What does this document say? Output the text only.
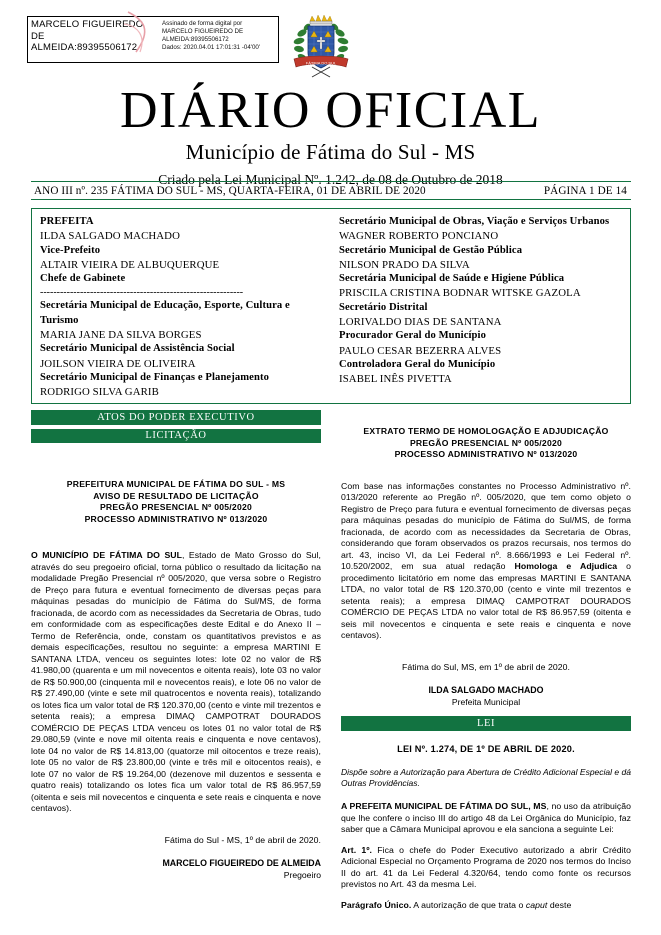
MARCELO FIGUEIREDO
DE
ALMEIDA:89395506172
Assinado de forma digital por
MARCELO FIGUEIREDO DE
ALMEIDA:89395506172
Dados: 2020.04.01 17:01:31 -04'00'
FÁTIMA DO SUL
DIÁRIO OFICIAL
Município de Fátima do Sul - MS
Criado pela Lei Municipal Nº. 1.242, de 08 de Outubro de 2018
ANO III nº. 235 FÁTIMA DO SUL - MS, QUARTA-FEIRA, 01 DE ABRIL DE 2020	PÁGINA 1 DE 14
PREFEITA
ILDA SALGADO MACHADO
Vice-Prefeito
ALTAIR VIEIRA DE ALBUQUERQUE
Chefe de Gabinete
-------------------------------------------------------------
Secretária Municipal de Educação, Esporte, Cultura e Turismo
MARIA JANE DA SILVA BORGES
Secretário Municipal de Assistência Social
JOILSON VIEIRA DE OLIVEIRA
Secretário Municipal de Finanças e Planejamento
RODRIGO SILVA GARIB
Secretário Municipal de Obras, Viação e Serviços Urbanos
WAGNER ROBERTO PONCIANO
Secretário Municipal de Gestão Pública
NILSON PRADO DA SILVA
Secretária Municipal de Saúde e Higiene Pública
PRISCILA CRISTINA BODNAR WITSKE GAZOLA
Secretário Distrital
LORIVALDO DIAS DE SANTANA
Procurador Geral do Município
PAULO CESAR BEZERRA ALVES
Controladora Geral do Município
ISABEL INÊS PIVETTA
ATOS DO PODER EXECUTIVO
LICITAÇÃO
PREFEITURA MUNICIPAL DE FÁTIMA DO SUL - MS
AVISO DE RESULTADO DE LICITAÇÃO
PREGÃO PRESENCIAL Nº 005/2020
PROCESSO ADMINISTRATIVO Nº 013/2020
O MUNICÍPIO DE FÁTIMA DO SUL, Estado de Mato Grosso do Sul, através do seu pregoeiro oficial, torna público o resultado da licitação na modalidade Pregão Presencial nº 005/2020, que versa sobre o Registro de Preço para futura e eventual fornecimento de diversas peças para máquinas pesadas do município de Fátima do Sul/MS, de forma fracionada, de acordo com as necessidades da Secretaria de Obras, tudo em conformidade com as especificações deste Edital e do Anexo II – Termo de Referência, onde, constam os quantitativos previstos e as demais especificações, resultou no seguinte: a empresa MARTINI E SANTANA LTDA, venceu os seguintes lotes: lote 02 no valor de R$ 41.980,00 (quarenta e um mil novecentos e oitenta reais), lote 03 no valor de R$ 50.900,00 (cinquenta mil e novecentos reais), e lote 06 no valor de R$ 27.490,00 (vinte e sete mil quatrocentos e noventa reais), totalizando os lotes fica um valor total de R$ 120.370,00 (cento e vinte mil trezentos e setenta reais); a empresa DIMAQ CAMPOTRAT DOURADOS COMÉRCIO DE PEÇAS LTDA venceu os lotes 01 no valor total de R$ 29.080,59 (vinte e nove mil oitenta reais e cinquenta e nove centavos), lote 04 no valor de R$ 14.813,00 (quatorze mil oitocentos e treze reais), lote 05 no valor de R$ 23.800,00 (vinte e três mil e oitocentos reais), e lote 07 no valor de R$ 19.264,00 (dezenove mil duzentos e sessenta e quatro reais) totalizando os lotes fica um valor total de R$ 86.957,59 (oitenta e seis mil novecentos e cinquenta e sete reais e cinquenta e nove centavos).
Fátima do Sul - MS, 1º de abril de 2020.
MARCELO FIGUEIREDO DE ALMEIDA
Pregoeiro
EXTRATO TERMO DE HOMOLOGAÇÃO E ADJUDICAÇÃO
PREGÃO PRESENCIAL Nº 005/2020
PROCESSO ADMINISTRATIVO Nº 013/2020
Com base nas informações constantes no Processo Administrativo nº. 013/2020 referente ao Pregão nº. 005/2020, que tem como objeto o Registro de Preço para futura e eventual fornecimento de diversas peças para máquinas pesadas do município de Fátima do Sul/MS, de forma fracionada, de acordo com as necessidades da Secretaria de Obras, considerando que foram observados os prazos recursais, nos termos do art. 43, inciso VI, da Lei Federal nº. 8.666/1993 e Lei Federal nº. 10.520/2002, em sua atual redação Homologa e Adjudica o procedimento licitatório em nome das empresas MARTINI E SANTANA LTDA, no valor total de R$ 120.370,00 (cento e vinte mil trezentos e setenta reais); a empresa DIMAQ CAMPOTRAT DOURADOS COMÉRCIO DE PEÇAS LTDA no valor total de R$ 86.957,59 (oitenta e seis mil novecentos e cinquenta e sete reais e cinquenta e nove centavos).
Fátima do Sul, MS, em 1º de abril de 2020.
ILDA SALGADO MACHADO
Prefeita Municipal
LEI
LEI Nº. 1.274, DE 1º DE ABRIL DE 2020.
Dispõe sobre a Autorização para Abertura de Crédito Adicional Especial e dá Outras Providências.
A PREFEITA MUNICIPAL DE FÁTIMA DO SUL, MS, no uso da atribuição que lhe confere o inciso III do artigo 48 da Lei Orgânica do Município, faz saber que a Câmara Municipal aprovou e ela sanciona a seguinte Lei:
Art. 1º. Fica o chefe do Poder Executivo autorizado a abrir Crédito Adicional Especial no Orçamento Programa de 2020 nos termos do Inciso II do art. 41 da Lei Federal 4.320/64, tendo como fonte os recursos previstos no Art. 43 da mesma Lei.
Parágrafo Único. A autorização de que trata o caput deste
